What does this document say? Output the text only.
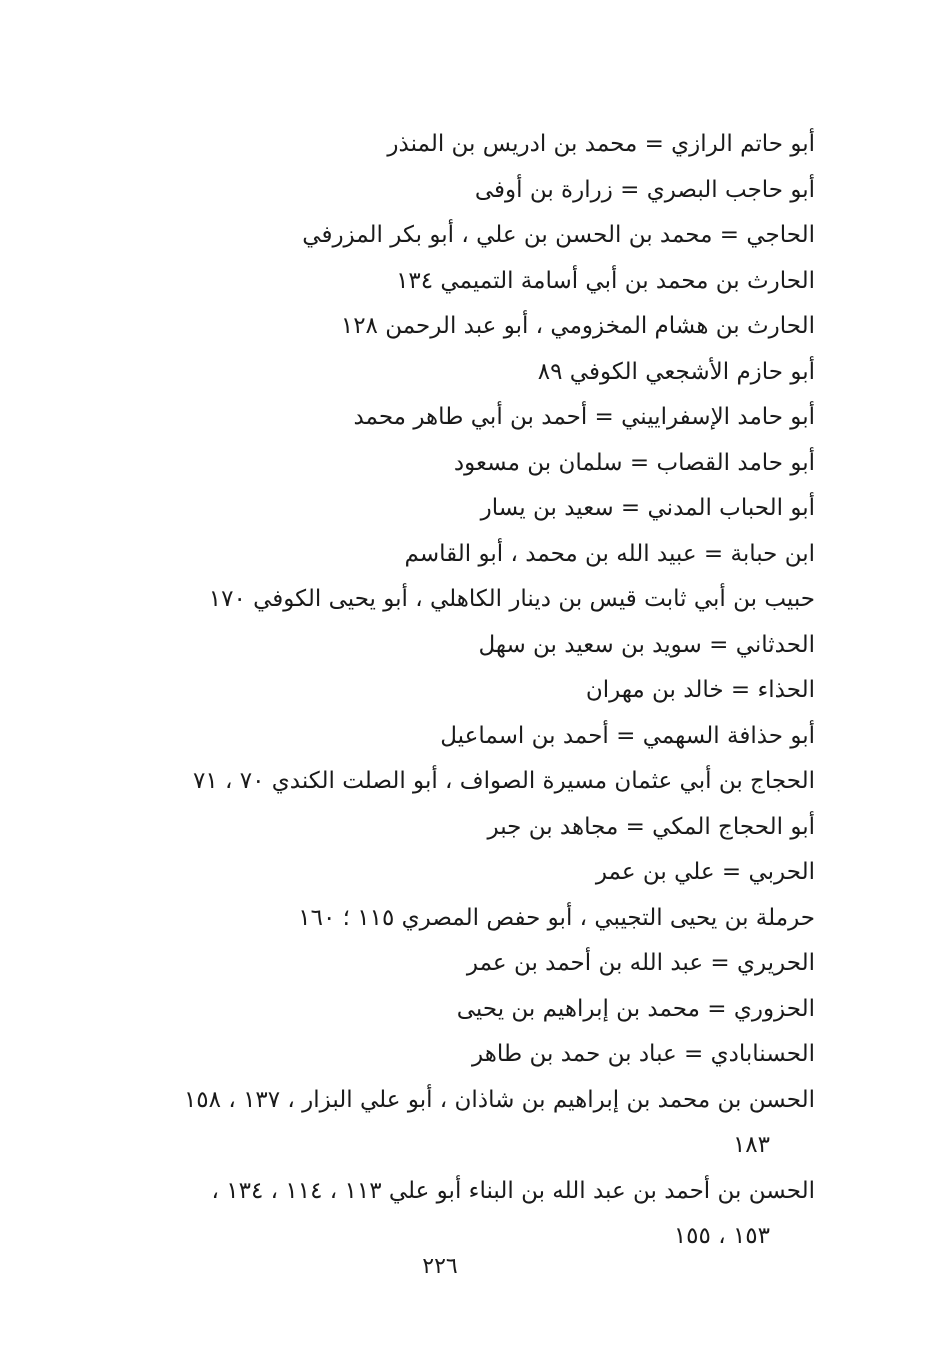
أبو حاتم الرازي = محمد بن ادريس بن المنذر
أبو حاجب البصري = زرارة بن أوفى
الحاجي = محمد بن الحسن بن علي ، أبو بكر المزرفي
الحارث بن محمد بن أبي أسامة التميمي ١٣٤
الحارث بن هشام المخزومي ، أبو عبد الرحمن ١٢٨
أبو حازم الأشجعي الكوفي ٨٩
أبو حامد الإسفراييني = أحمد بن أبي طاهر محمد
أبو حامد القصاب = سلمان بن مسعود
أبو الحباب المدني = سعيد بن يسار
ابن حبابة = عبيد الله بن محمد ، أبو القاسم
حبيب بن أبي ثابت قيس بن دينار الكاهلي ، أبو يحيى الكوفي ١٧٠
الحدثاني = سويد بن سعيد بن سهل
الحذاء = خالد بن مهران
أبو حذافة السهمي = أحمد بن اسماعيل
الحجاج بن أبي عثمان مسيرة الصواف ، أبو الصلت الكندي ٧٠ ، ٧١
أبو الحجاج المكي = مجاهد بن جبر
الحربي = علي بن عمر
حرملة بن يحيى التجيبي ، أبو حفص المصري ١١٥ ؛ ١٦٠
الحريري = عبد الله بن أحمد بن عمر
الحزوري = محمد بن إبراهيم بن يحيى
الحسنابادي = عباد بن حمد بن طاهر
الحسن بن محمد بن إبراهيم بن شاذان ، أبو علي البزار ، ١٣٧ ، ١٥٨
١٨٣
الحسن بن أحمد بن عبد الله بن البناء أبو علي ١١٣ ، ١١٤ ، ١٣٤ ،
١٥٣ ، ١٥٥
٢٢٦
